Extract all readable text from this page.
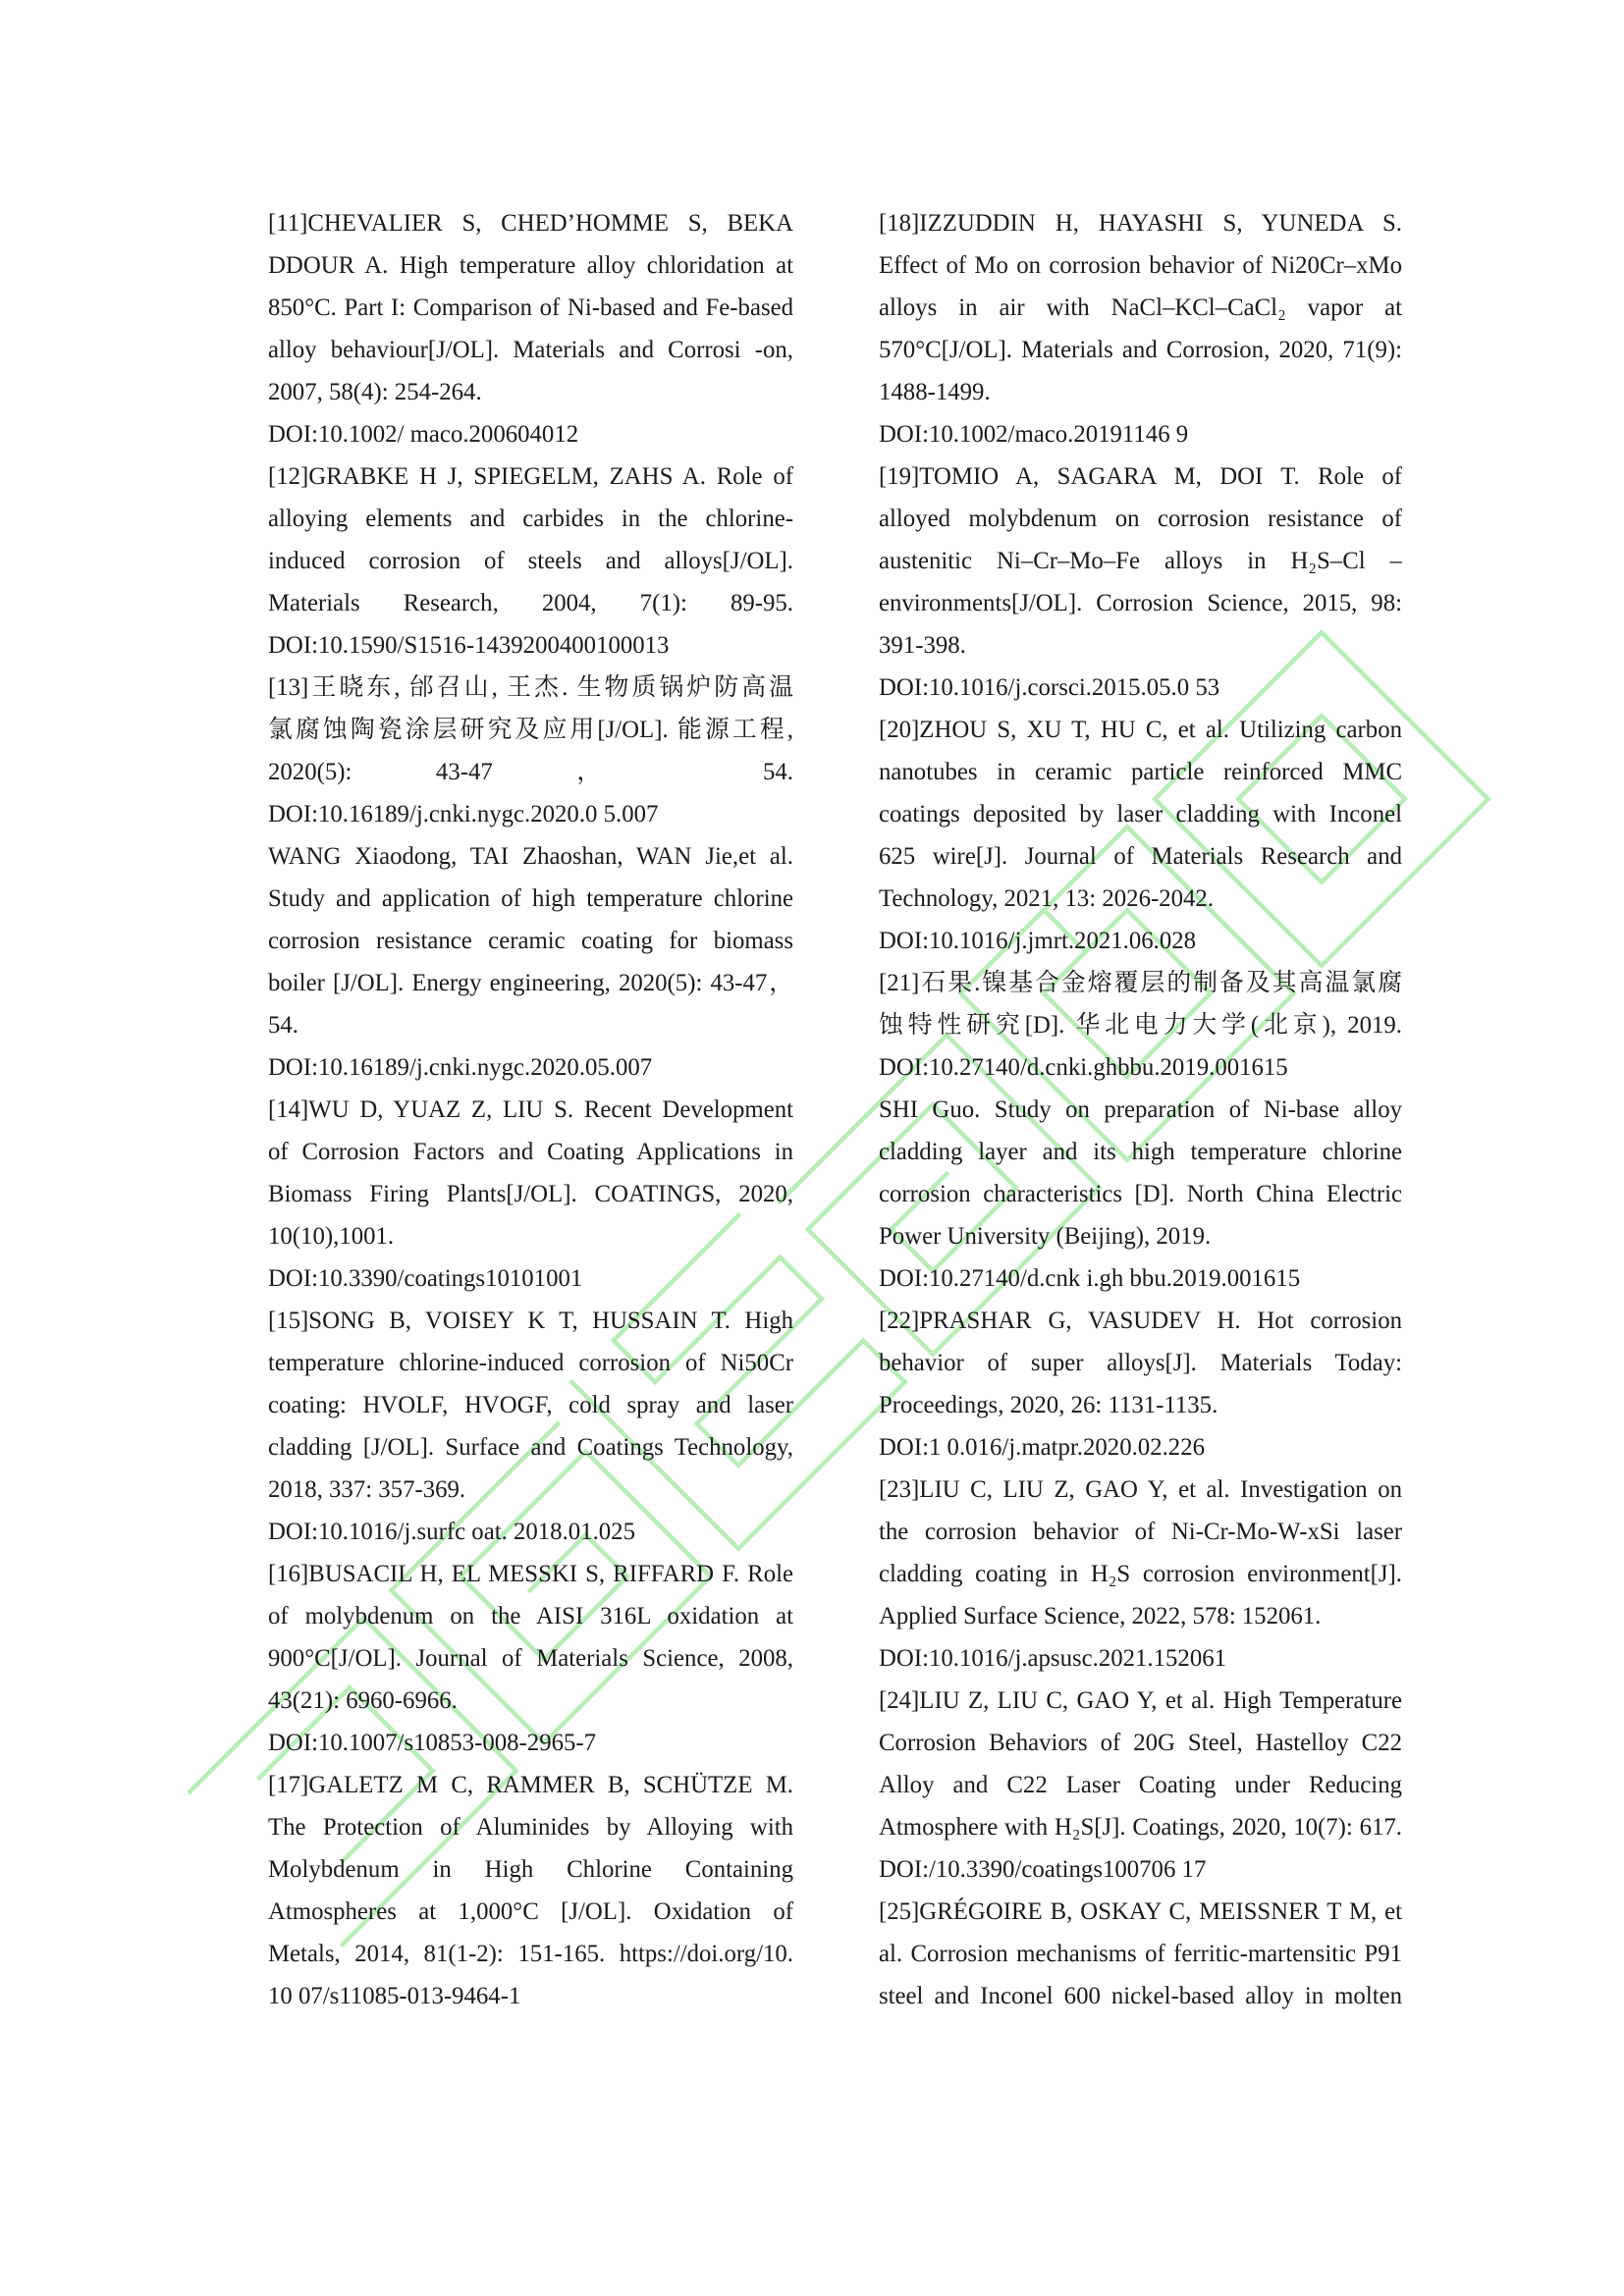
[11]CHEVALIER S, CHED’HOMME S, BEKA
DDOUR A. High temperature alloy chloridation at
850°C. Part I: Comparison of Ni-based and Fe-based
alloy behaviour[J/OL]. Materials and Corrosi -on,
2007, 58(4): 254-264.
DOI:10.1002/ maco.200604012
[12]GRABKE H J, SPIEGELM, ZAHS A. Role of
alloying elements and carbides in the chlorine-
induced corrosion of steels and alloys[J/OL].
Materials Research, 2004, 7(1): 89-95.
DOI:10.1590/S1516-1439200400100013
[13]王晓东, 邰召山, 王杰. 生物质锅炉防高温
氯腐蚀陶瓷涂层研究及应用[J/OL]. 能源工程,
2020(5): 43-47 ， 54.
DOI:10.16189/j.cnki.nygc.2020.0 5.007
WANG Xiaodong, TAI Zhaoshan, WAN Jie,et al.
Study and application of high temperature chlorine
corrosion resistance ceramic coating for biomass
boiler [J/OL]. Energy engineering, 2020(5): 43-47，
54.
DOI:10.16189/j.cnki.nygc.2020.05.007
[14]WU D, YUAZ Z, LIU S. Recent Development
of Corrosion Factors and Coating Applications in
Biomass Firing Plants[J/OL]. COATINGS, 2020,
10(10),1001.
DOI:10.3390/coatings10101001
[15]SONG B, VOISEY K T, HUSSAIN T. High
temperature chlorine-induced corrosion of Ni50Cr
coating: HVOLF, HVOGF, cold spray and laser
cladding [J/OL]. Surface and Coatings Technology,
2018, 337: 357-369.
DOI:10.1016/j.surfc oat. 2018.01.025
[16]BUSACIL H, EL MESSKI S, RIFFARD F. Role
of molybdenum on the AISI 316L oxidation at
900°C[J/OL]. Journal of Materials Science, 2008,
43(21): 6960-6966.
DOI:10.1007/s10853-008-2965-7
[17]GALETZ M C, RAMMER B, SCHÜTZE M.
The Protection of Aluminides by Alloying with
Molybdenum in High Chlorine Containing
Atmospheres at 1,000°C [J/OL]. Oxidation of
Metals, 2014, 81(1-2): 151-165. https://doi.org/10.
10 07/s11085-013-9464-1
[18]IZZUDDIN H, HAYASHI S, YUNEDA S.
Effect of Mo on corrosion behavior of Ni20Cr–xMo
alloys in air with NaCl–KCl–CaCl₂ vapor at
570°C[J/OL]. Materials and Corrosion, 2020, 71(9):
1488-1499.
DOI:10.1002/maco.20191146 9
[19]TOMIO A, SAGARA M, DOI T. Role of
alloyed molybdenum on corrosion resistance of
austenitic Ni–Cr–Mo–Fe alloys in H₂S–Cl –
environments[J/OL]. Corrosion Science, 2015, 98:
391-398.
DOI:10.1016/j.corsci.2015.05.0 53
[20]ZHOU S, XU T, HU C, et al. Utilizing carbon
nanotubes in ceramic particle reinforced MMC
coatings deposited by laser cladding with Inconel
625 wire[J]. Journal of Materials Research and
Technology, 2021, 13: 2026-2042.
DOI:10.1016/j.jmrt.2021.06.028
[21]石果.镍基合金熔覆层的制备及其高温氯腐
蚀特性研究[D]. 华北电力大学(北京), 2019.
DOI:10.27140/d.cnki.ghbbu.2019.001615
SHI Guo. Study on preparation of Ni-base alloy
cladding layer and its high temperature chlorine
corrosion characteristics [D]. North China Electric
Power University (Beijing), 2019.
DOI:10.27140/d.cnk i.gh bbu.2019.001615
[22]PRASHAR G, VASUDEV H. Hot corrosion
behavior of super alloys[J]. Materials Today:
Proceedings, 2020, 26: 1131-1135.
DOI:1 0.016/j.matpr.2020.02.226
[23]LIU C, LIU Z, GAO Y, et al. Investigation on
the corrosion behavior of Ni-Cr-Mo-W-xSi laser
cladding coating in H₂S corrosion environment[J].
Applied Surface Science, 2022, 578: 152061.
DOI:10.1016/j.apsusc.2021.152061
[24]LIU Z, LIU C, GAO Y, et al. High Temperature
Corrosion Behaviors of 20G Steel, Hastelloy C22
Alloy and C22 Laser Coating under Reducing
Atmosphere with H₂S[J]. Coatings, 2020, 10(7): 617.
DOI:/10.3390/coatings100706 17
[25]GRÉGOIRE B, OSKAY C, MEISSNER T M, et
al. Corrosion mechanisms of ferritic-martensitic P91
steel and Inconel 600 nickel-based alloy in molten
